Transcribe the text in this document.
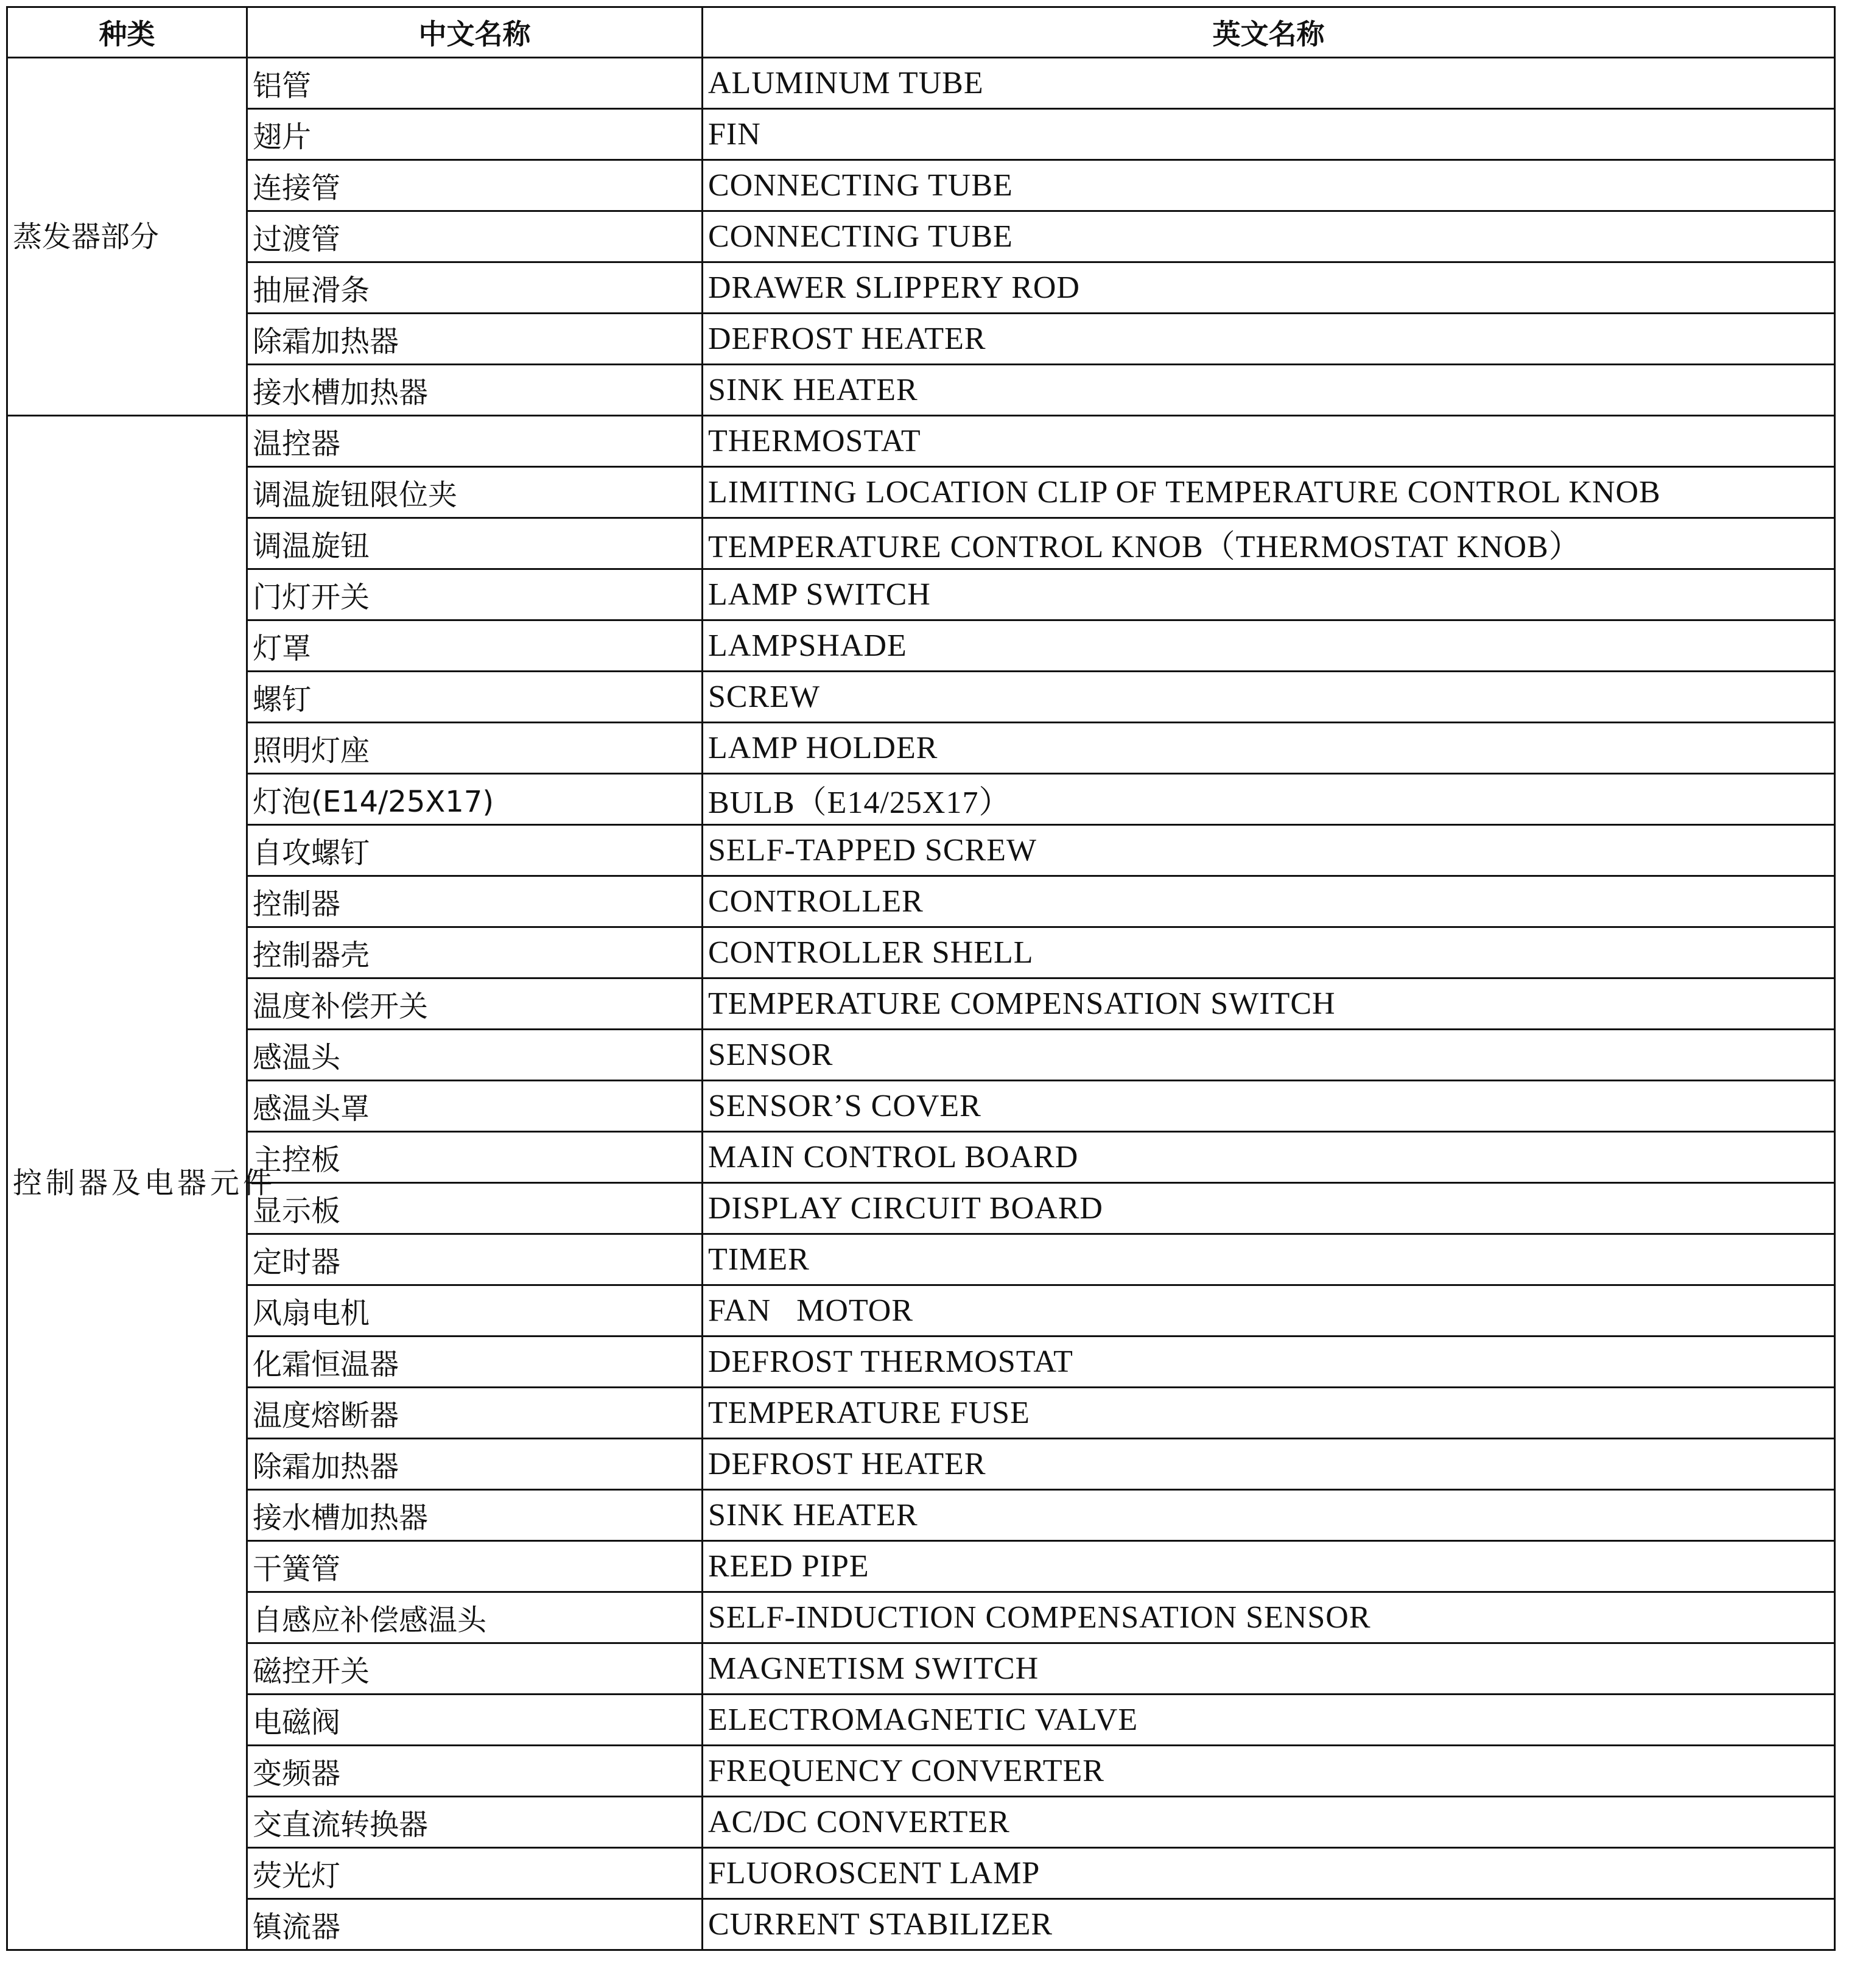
种类	中文名称	英文名称
蒸发器部分	铝管	ALUMINUM TUBE
	翅片	FIN
	连接管	CONNECTING TUBE
	过渡管	CONNECTING TUBE
	抽屉滑条	DRAWER SLIPPERY ROD
	除霜加热器	DEFROST HEATER
	接水槽加热器	SINK HEATER
控制器及电器元件	温控器	THERMOSTAT
	调温旋钮限位夹	LIMITING LOCATION CLIP OF TEMPERATURE CONTROL KNOB
	调温旋钮	TEMPERATURE CONTROL KNOB（THERMOSTAT KNOB）
	门灯开关	LAMP SWITCH
	灯罩	LAMPSHADE
	螺钉	SCREW
	照明灯座	LAMP HOLDER
	灯泡(E14/25X17)	BULB（E14/25X17）
	自攻螺钉	SELF-TAPPED SCREW
	控制器	CONTROLLER
	控制器壳	CONTROLLER SHELL
	温度补偿开关	TEMPERATURE COMPENSATION SWITCH
	感温头	SENSOR
	感温头罩	SENSOR’S COVER
	主控板	MAIN CONTROL BOARD
	显示板	DISPLAY CIRCUIT BOARD
	定时器	TIMER
	风扇电机	FAN   MOTOR
	化霜恒温器	DEFROST THERMOSTAT
	温度熔断器	TEMPERATURE FUSE
	除霜加热器	DEFROST HEATER
	接水槽加热器	SINK HEATER
	干簧管	REED PIPE
	自感应补偿感温头	SELF-INDUCTION COMPENSATION SENSOR
	磁控开关	MAGNETISM SWITCH
	电磁阀	ELECTROMAGNETIC VALVE
	变频器	FREQUENCY CONVERTER
	交直流转换器	AC/DC CONVERTER
	荧光灯	FLUOROSCENT LAMP
	镇流器	CURRENT STABILIZER
